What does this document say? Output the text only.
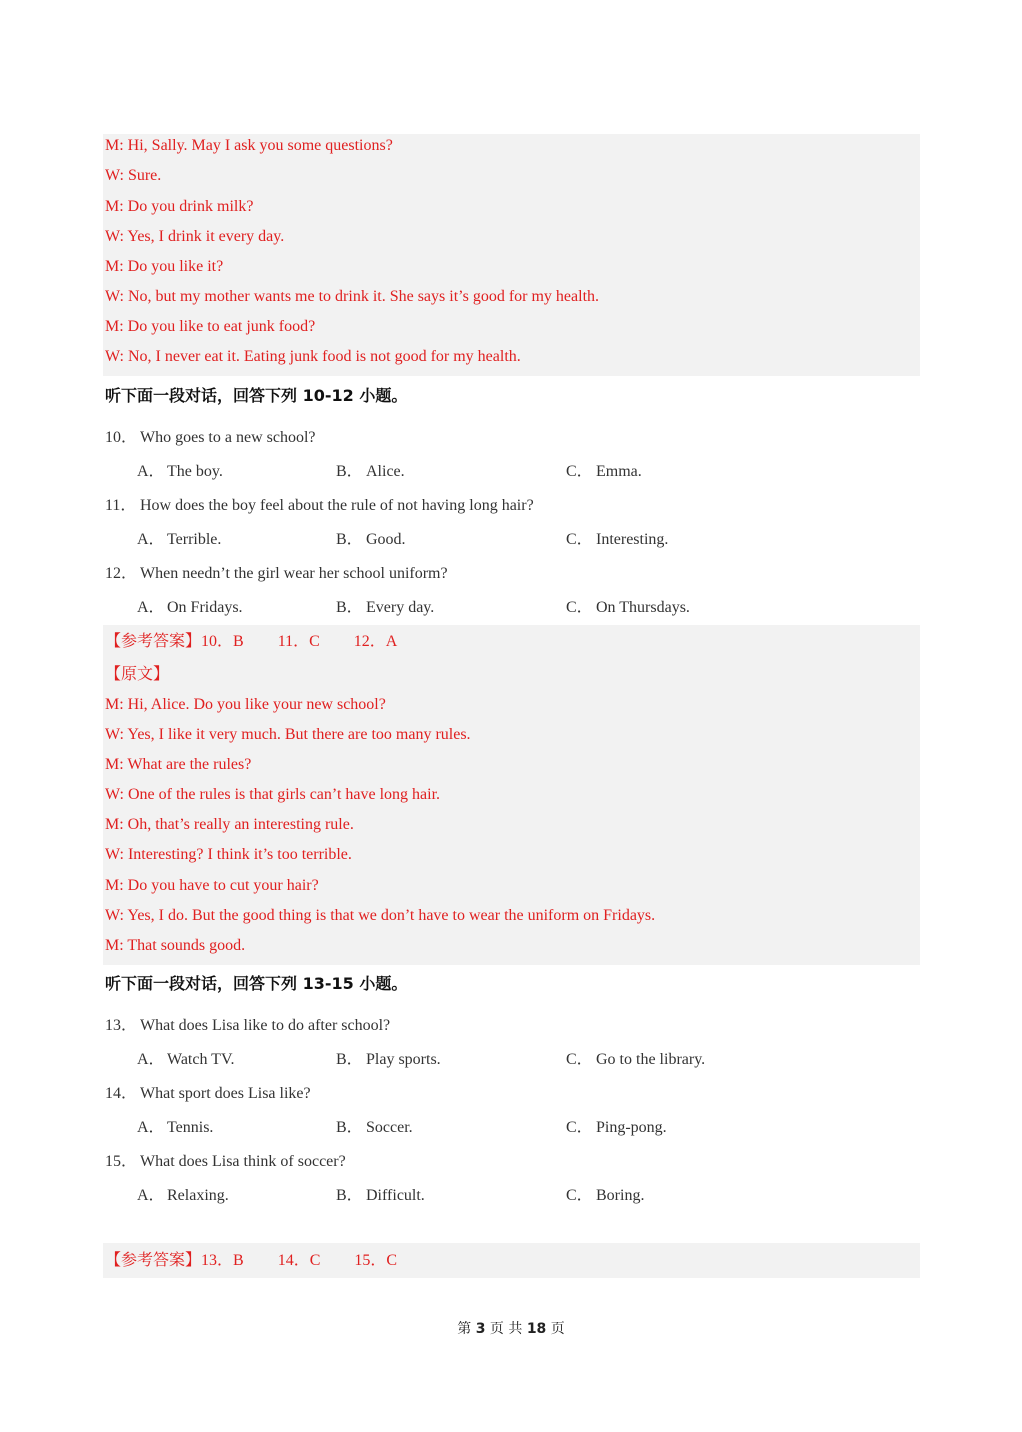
M: Hi, Sally. May I ask you some questions?
W: Sure.
M: Do you drink milk?
W: Yes, I drink it every day.
M: Do you like it?
W: No, but my mother wants me to drink it. She says it’s good for my health.
M: Do you like to eat junk food?
W: No, I never eat it. Eating junk food is not good for my health.
听下面一段对话，回答下列 10-12 小题。
10． Who goes to a new school?
A． The boy.	B． Alice.	C． Emma.
11． How does the boy feel about the rule of not having long hair?
A． Terrible.	B． Good.	C． Interesting.
12． When needn’t the girl wear her school uniform?
A． On Fridays.	B． Every day.	C． On Thursdays.
【参考答案】10．B 11．C 12．A
【原文】
M: Hi, Alice. Do you like your new school?
W: Yes, I like it very much. But there are too many rules.
M: What are the rules?
W: One of the rules is that girls can’t have long hair.
M: Oh, that’s really an interesting rule.
W: Interesting? I think it’s too terrible.
M: Do you have to cut your hair?
W: Yes, I do. But the good thing is that we don’t have to wear the uniform on Fridays.
M: That sounds good.
听下面一段对话，回答下列 13-15 小题。
13． What does Lisa like to do after school?
A． Watch TV.	B． Play sports.	C． Go to the library.
14． What sport does Lisa like?
A． Tennis.	B． Soccer.	C． Ping-pong.
15． What does Lisa think of soccer?
A． Relaxing.	B． Difficult.	C． Boring.
【参考答案】13．B 14．C 15．C
第 3 页 共 18 页
